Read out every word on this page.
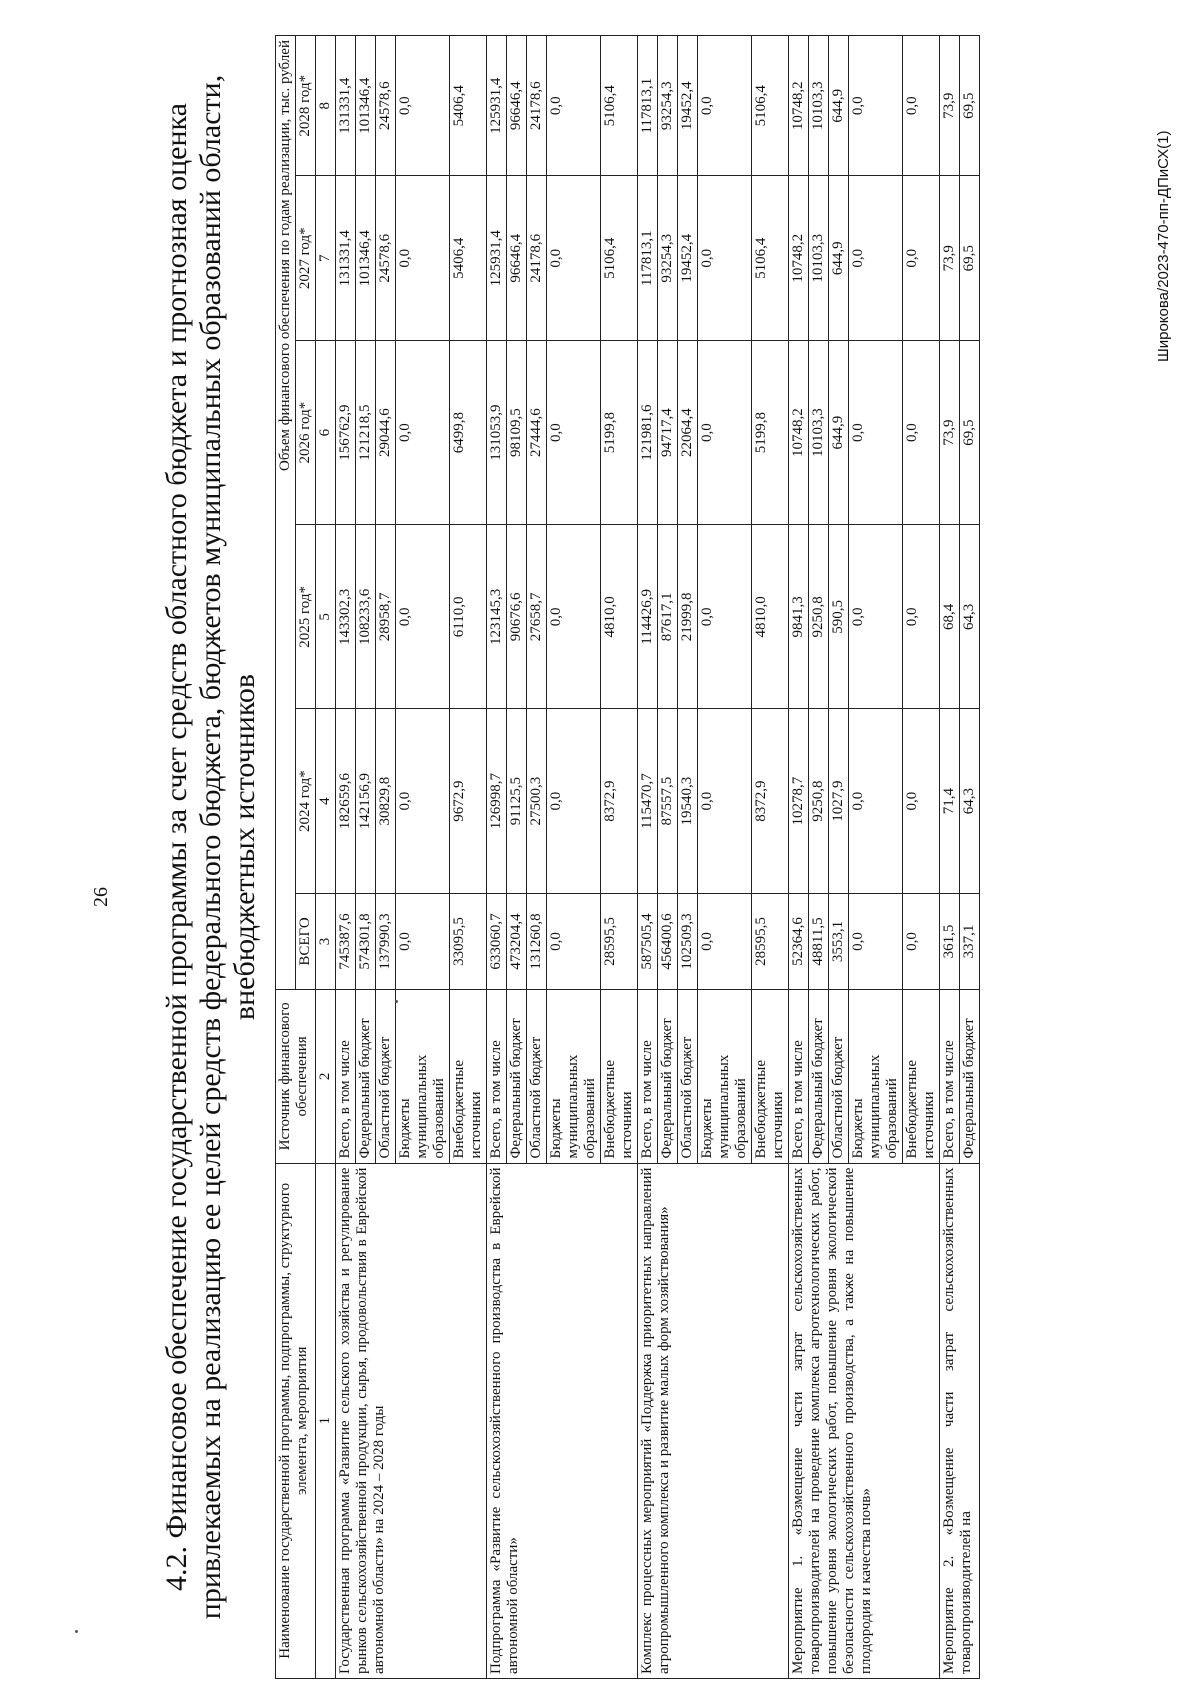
26 4.2. Финансовое обеспечение государственной программы за счет средств областного бюджета и прогнозная оценка привлекаемых на реализацию ее целей средств федерального бюджета, бюджетов муниципальных образований области, внебюджетных источников
Наименование государственной программы, подпрограммы, структурного элемента, мероприятия	Источник финансового обеспечения	Объем финансового обеспечения по годам реализации, тыс. рублей					
		ВСЕГО	2024 год*	2025 год*	2026 год*	2027 год*	2028 год*
1	2	3	4	5	6	7	8
Государственная программа «Развитие сельского хозяйства и регулирование рынков сельскохозяйственной продукции, сырья, продовольствия в Еврейской автономной области» на 2024 – 2028 годы	Всего, в том числе	745387,6	182659,6	143302,3	156762,9	131331,4	131331,4
	Федеральный бюджет	574301,8	142156,9	108233,6	121218,5	101346,4	101346,4
	Областной бюджет	137990,3	30829,8	28958,7	29044,6	24578,6	24578,6
	Бюджеты муниципальных образований	0,0	0,0	0,0	0,0	0,0	0,0
	Внебюджетные источники	33095,5	9672,9	6110,0	6499,8	5406,4	5406,4
Подпрограмма «Развитие сельскохозяйственного производства в Еврейской автономной области»	Всего, в том числе	633060,7	126998,7	123145,3	131053,9	125931,4	125931,4
	Федеральный бюджет	473204,4	91125,5	90676,6	98109,5	96646,4	96646,4
	Областной бюджет	131260,8	27500,3	27658,7	27444,6	24178,6	24178,6
	Бюджеты муниципальных образований	0,0	0,0	0,0	0,0	0,0	0,0
	Внебюджетные источники	28595,5	8372,9	4810,0	5199,8	5106,4	5106,4
Комплекс процессных мероприятий «Поддержка приоритетных направлений агропромышленного комплекса и развитие малых форм хозяйствования»	Всего, в том числе	587505,4	115470,7	114426,9	121981,6	117813,1	117813,1
	Федеральный бюджет	456400,6	87557,5	87617,1	94717,4	93254,3	93254,3
	Областной бюджет	102509,3	19540,3	21999,8	22064,4	19452,4	19452,4
	Бюджеты муниципальных образований	0,0	0,0	0,0	0,0	0,0	0,0
	Внебюджетные источники	28595,5	8372,9	4810,0	5199,8	5106,4	5106,4
Мероприятие 1. «Возмещение части затрат сельскохозяйственных товаропроизводителей на проведение комплекса агротехнологических работ, повышение уровня экологических работ, повышение уровня экологической безопасности сельскохозяйственного производства, а также на повышение плодородия и качества почв»	Всего, в том числе	52364,6	10278,7	9841,3	10748,2	10748,2	10748,2
	Федеральный бюджет	48811,5	9250,8	9250,8	10103,3	10103,3	10103,3
	Областной бюджет	3553,1	1027,9	590,5	644,9	644,9	644,9
	Бюджеты муниципальных образований	0,0	0,0	0,0	0,0	0,0	0,0
	Внебюджетные источники	0,0	0,0	0,0	0,0	0,0	0,0
Мероприятие 2. «Возмещение части затрат сельскохозяйственных товаропроизводителей на	Всего, в том числе	361,5	71,4	68,4	73,9	73,9	73,9
	Федеральный бюджет	337,1	64,3	64,3	69,5	69,5	69,5
Широкова/2023-470-пп-ДПиСХ(1)
